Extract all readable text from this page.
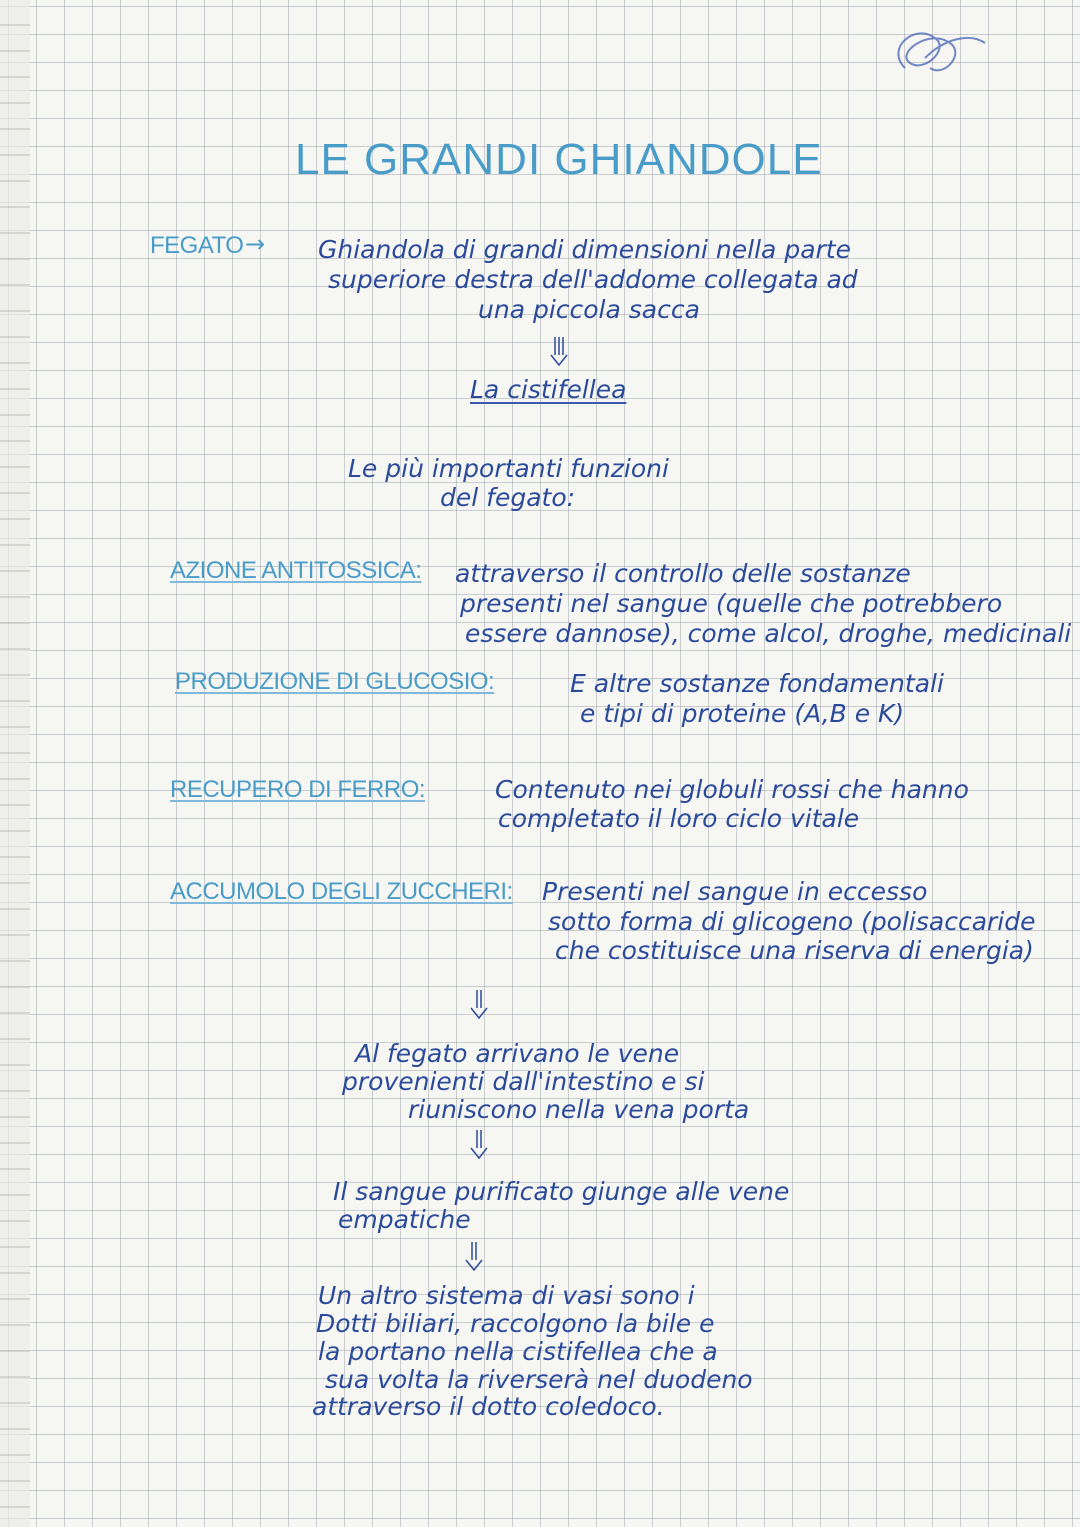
LE GRANDI GHIANDOLE
FEGATO → Ghiandola di grandi dimensioni nella parte
superiore destra dell'addome collegata ad
una piccola sacca
La cistifellea
Le più importanti funzioni
del fegato:
AZIONE ANTITOSSICA: attraverso il controllo delle sostanze
presenti nel sangue (quelle che potrebbero
essere dannose), come alcol, droghe, medicinali
PRODUZIONE DI GLUCOSIO:	E altre sostanze fondamentali
e tipi di proteine (A,B e K)
RECUPERO DI FERRO:	Contenuto nei globuli rossi che hanno
completato il loro ciclo vitale
ACCUMOLO DEGLI ZUCCHERI: Presenti nel sangue in eccesso
sotto forma di glicogeno (polisaccaride
che costituisce una riserva di energia)
Al fegato arrivano le vene
provenienti dall'intestino e si
riuniscono nella vena porta
Il sangue purificato giunge alle vene
empatiche
Un altro sistema di vasi sono i
Dotti biliari, raccolgono la bile e
la portano nella cistifellea che a
sua volta la riverserà nel duodeno
attraverso il dotto coledoco.
